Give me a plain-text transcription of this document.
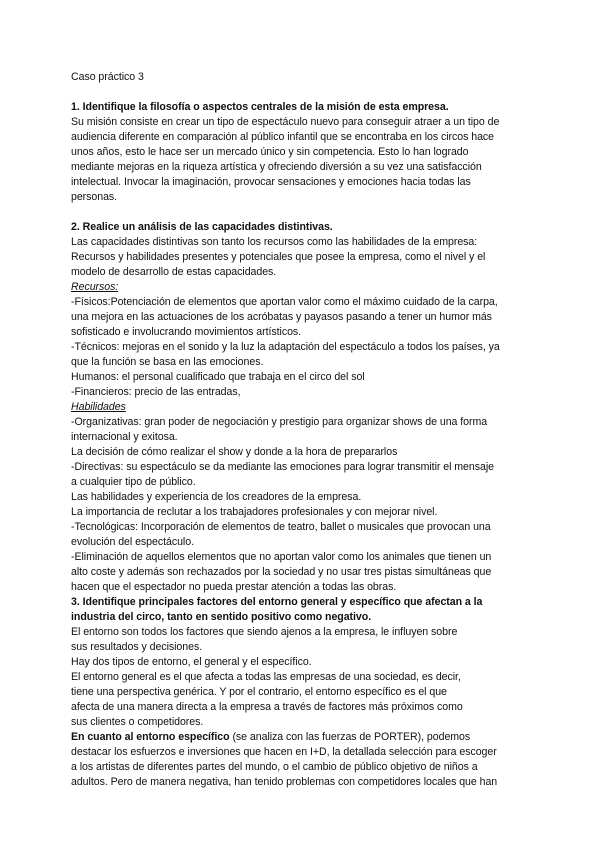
Caso práctico 3
1. Identifique la filosofía o aspectos centrales de la misión de esta empresa.
Su misión consiste en crear un tipo de espectáculo nuevo para conseguir atraer a un tipo de
audiencia diferente en comparación al público infantil que se encontraba en los circos hace
unos años, esto le hace ser un mercado único y sin competencia. Esto lo han logrado
mediante mejoras en la riqueza artística y ofreciendo diversión a su vez una satisfacción
intelectual. Invocar la imaginación, provocar sensaciones y emociones hacia todas las
personas.
2. Realice un análisis de las capacidades distintivas.
Las capacidades distintivas son tanto los recursos como las habilidades de la empresa:
Recursos y habilidades presentes y potenciales que posee la empresa, como el nivel y el
modelo de desarrollo de estas capacidades.
Recursos:
-Físicos:Potenciación de elementos que aportan valor como el máximo cuidado de la carpa,
una mejora en las actuaciones de los acróbatas y payasos pasando a tener un humor más
sofisticado e involucrando movimientos artísticos.
-Técnicos: mejoras en el sonido y la luz la adaptación del espectáculo a todos los países, ya
que la función se basa en las emociones.
Humanos: el personal cualificado que trabaja en el circo del sol
-Financieros: precio de las entradas,
Habilidades
-Organizativas: gran poder de negociación y prestigio para organizar shows de una forma
internacional y exitosa.
La decisión de cómo realizar el show y donde a la hora de prepararlos
-Directivas: su espectáculo se da mediante las emociones para lograr transmitir el mensaje
a cualquier tipo de público.
Las habilidades y experiencia de los creadores de la empresa.
La importancia de reclutar a los trabajadores profesionales y con mejorar nivel.
-Tecnológicas: Incorporación de elementos de teatro, ballet o musicales que provocan una
evolución del espectáculo.
-Eliminación de aquellos elementos que no aportan valor como los animales que tienen un
alto coste y además son rechazados por la sociedad y no usar tres pistas simultáneas que
hacen que el espectador no pueda prestar atención a todas las obras.
3. Identifique principales factores del entorno general y específico que afectan a la
industria del circo, tanto en sentido positivo como negativo.
El entorno son todos los factores que siendo ajenos a la empresa, le influyen sobre
sus resultados y decisiones.
Hay dos tipos de entorno, el general y el específico.
El entorno general es el que afecta a todas las empresas de una sociedad, es decir,
tiene una perspectiva genérica. Y por el contrario, el entorno específico es el que
afecta de una manera directa a la empresa a través de factores más próximos como
sus clientes o competidores.
En cuanto al entorno específico (se analiza con las fuerzas de PORTER), podemos
destacar los esfuerzos e inversiones que hacen en I+D, la detallada selección para escoger
a los artistas de diferentes partes del mundo, o el cambio de público objetivo de niños a
adultos. Pero de manera negativa, han tenido problemas con competidores locales que han
